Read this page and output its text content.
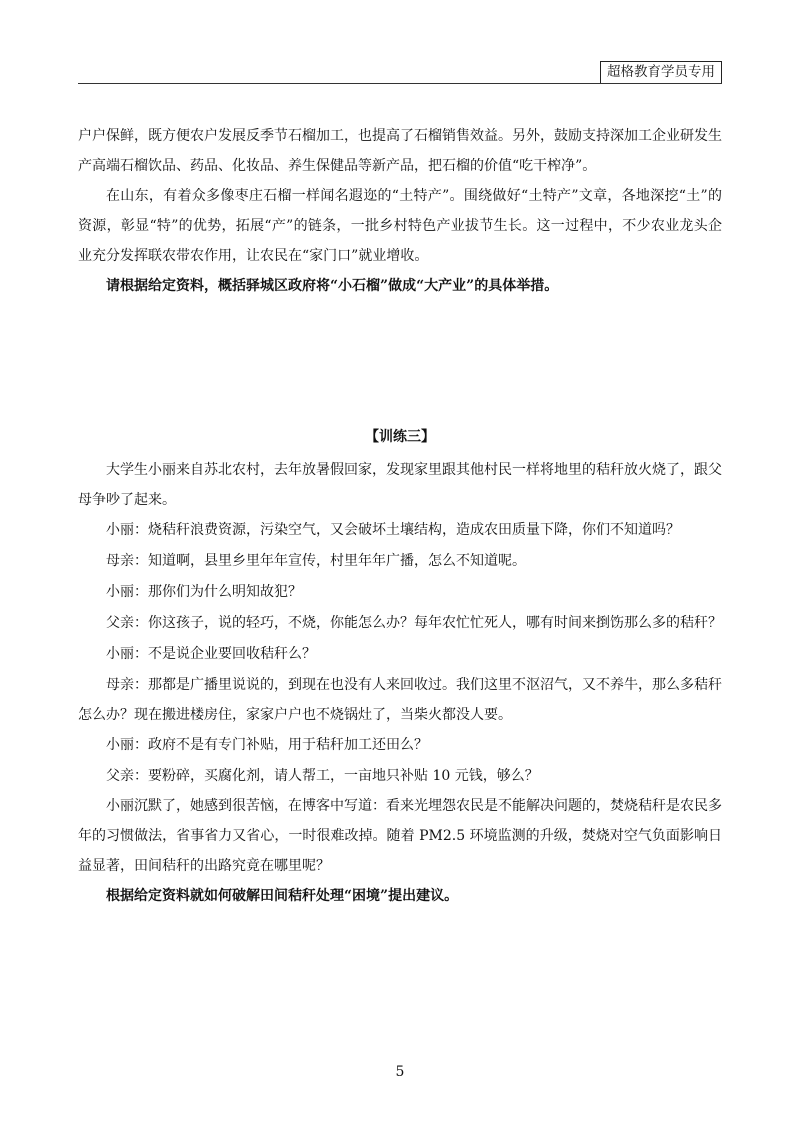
超格教育学员专用

户户保鲜，既方便农户发展反季节石榴加工，也提高了石榴销售效益。另外，鼓励支持深加工企业研发生产高端石榴饮品、药品、化妆品、养生保健品等新产品，把石榴的价值“吃干榨净”。

在山东，有着众多像枣庄石榴一样闻名遐迩的“土特产”。围绕做好“土特产”文章，各地深挖“土”的资源，彰显“特”的优势，拓展“产”的链条，一批乡村特色产业拔节生长。这一过程中，不少农业龙头企业充分发挥联农带农作用，让农民在“家门口”就业增收。

请根据给定资料，概括驿城区政府将“小石榴”做成“大产业”的具体举措。

【训练三】

大学生小丽来自苏北农村，去年放暑假回家，发现家里跟其他村民一样将地里的秸秆放火烧了，跟父母争吵了起来。

小丽：烧秸秆浪费资源，污染空气，又会破坏土壤结构，造成农田质量下降，你们不知道吗？

母亲：知道啊，县里乡里年年宣传，村里年年广播，怎么不知道呢。

小丽：那你们为什么明知故犯？

父亲：你这孩子，说的轻巧，不烧，你能怎么办？每年农忙忙死人，哪有时间来捯饬那么多的秸秆？

小丽：不是说企业要回收秸秆么？

母亲：那都是广播里说说的，到现在也没有人来回收过。我们这里不沤沼气，又不养牛，那么多秸秆怎么办？现在搬进楼房住，家家户户也不烧锅灶了，当柴火都没人要。

小丽：政府不是有专门补贴，用于秸秆加工还田么？

父亲：要粉碎，买腐化剂，请人帮工，一亩地只补贴 10 元钱，够么？

小丽沉默了，她感到很苦恼，在博客中写道：看来光埋怨农民是不能解决问题的，焚烧秸秆是农民多年的习惯做法，省事省力又省心，一时很难改掉。随着 PM2.5 环境监测的升级，焚烧对空气负面影响日益显著，田间秸秆的出路究竟在哪里呢？

根据给定资料就如何破解田间秸秆处理“困境”提出建议。

5
